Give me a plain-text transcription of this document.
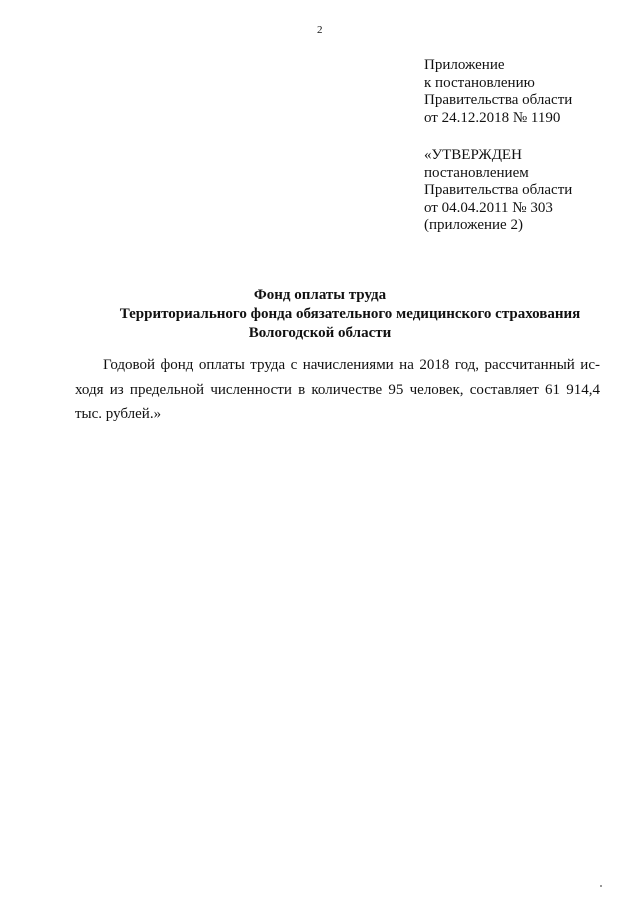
2
Приложение
к постановлению
Правительства области
от 24.12.2018 № 1190
«УТВЕРЖДЕН
постановлением
Правительства области
от 04.04.2011 № 303
(приложение 2)
Фонд оплаты труда
Территориального фонда обязательного медицинского страхования
Вологодской области
Годовой фонд оплаты труда с начислениями на 2018 год, рассчитанный ис-
ходя из предельной численности в количестве 95 человек, составляет 61 914,4
тыс. рублей.»
